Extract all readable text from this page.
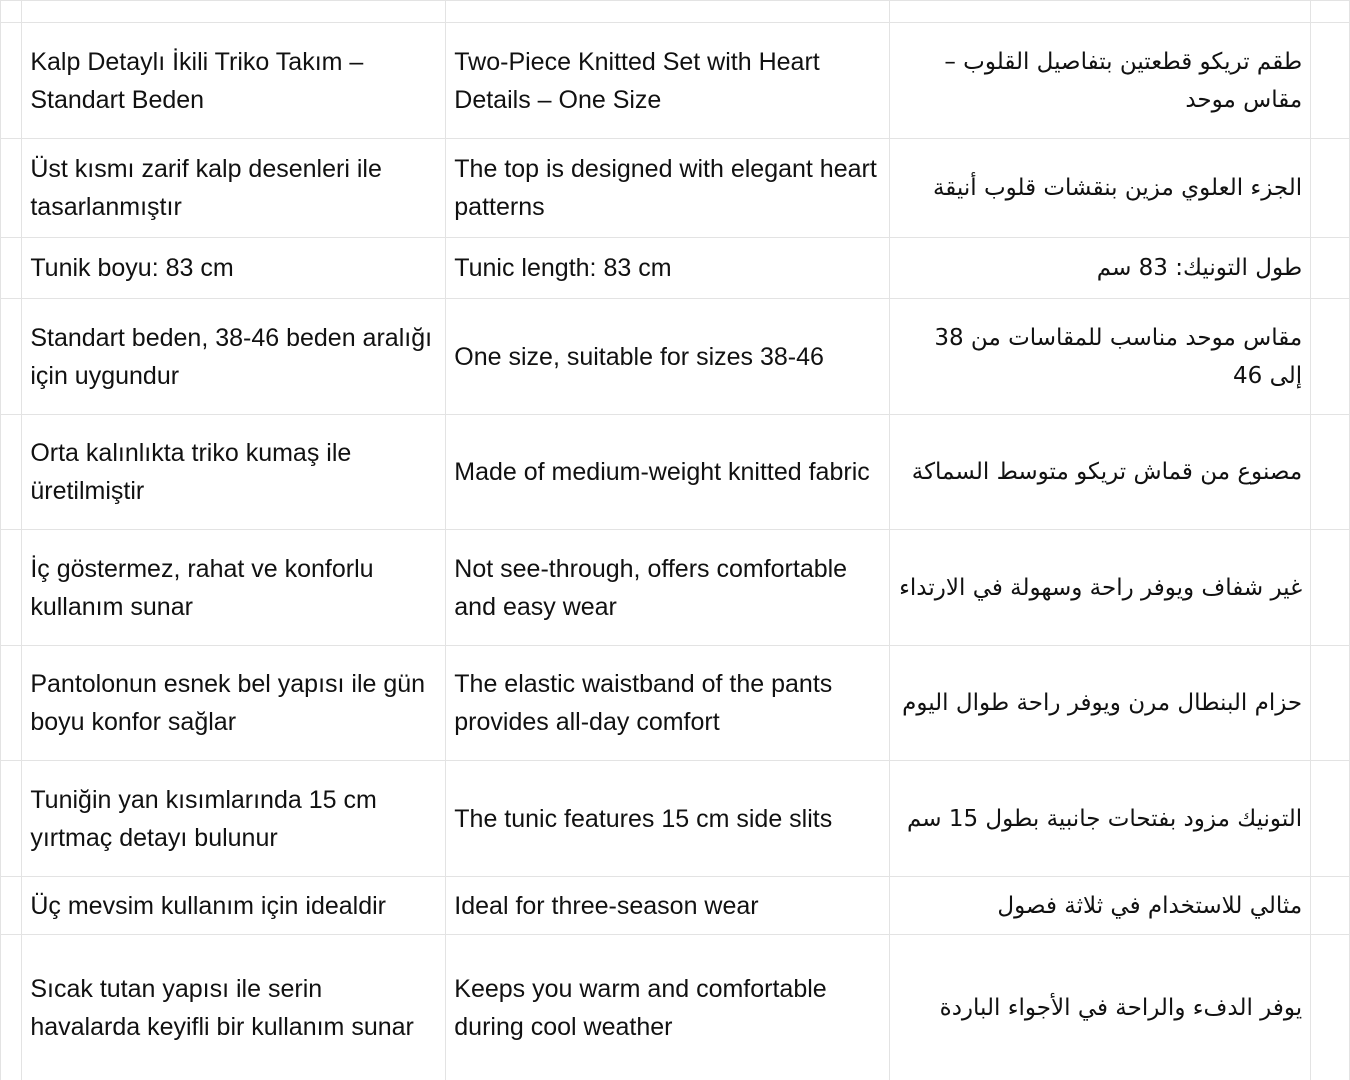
	Kalp Detaylı İkili Triko Takım – Standart Beden	Two-Piece Knitted Set with Heart Details – One Size	طقم تريكو قطعتين بتفاصيل القلوب – مقاس موحد	
	Üst kısmı zarif kalp desenleri ile tasarlanmıştır	The top is designed with elegant heart patterns	الجزء العلوي مزين بنقشات قلوب أنيقة	
	Tunik boyu: 83 cm	Tunic length: 83 cm	طول التونيك: 83 سم	
	Standart beden, 38-46 beden aralığı için uygundur	One size, suitable for sizes 38-46	مقاس موحد مناسب للمقاسات من 38 إلى 46	
	Orta kalınlıkta triko kumaş ile üretilmiştir	Made of medium-weight knitted fabric	مصنوع من قماش تريكو متوسط السماكة	
	İç göstermez, rahat ve konforlu kullanım sunar	Not see-through, offers comfortable and easy wear	غير شفاف ويوفر راحة وسهولة في الارتداء	
	Pantolonun esnek bel yapısı ile gün boyu konfor sağlar	The elastic waistband of the pants provides all-day comfort	حزام البنطال مرن ويوفر راحة طوال اليوم	
	Tuniğin yan kısımlarında 15 cm yırtmaç detayı bulunur	The tunic features 15 cm side slits	التونيك مزود بفتحات جانبية بطول 15 سم	
	Üç mevsim kullanım için idealdir	Ideal for three-season wear	مثالي للاستخدام في ثلاثة فصول	
	Sıcak tutan yapısı ile serin havalarda keyifli bir kullanım sunar	Keeps you warm and comfortable during cool weather	يوفر الدفء والراحة في الأجواء الباردة	
